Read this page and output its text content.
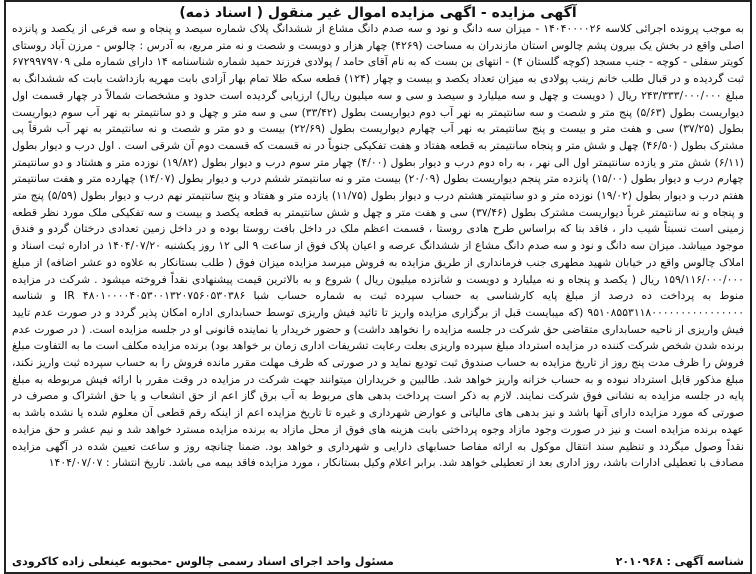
آگهی مزایده - اگهی مزایده اموال غیر منقول ( اسناد ذمه)
به موجب پرونده اجرائی کلاسه ۱۴۰۴۰۰۰۰۲۶ - میزان سه دانگ و نود و سه صدم دانگ مشاع از ششدانگ پلاک شماره سیصد و پنجاه و سه فرعی از یکصد و پانزده اصلی واقع در بخش یک بیرون پشم چالوس استان مازندران به مساحت (۴۲۶۹) چهار هزار و دویست و شصت و نه متر مربع، به آدرس : چالوس - مرزن آباد روستای کویتر سفلی - کوچه - جنب مسجد (کوچه گلستان ۴) - انتهای بن بست که به نام آقای حامد / پولادی فرزند حمید شماره شناسنامه ۱۴ دارای شماره ملی ۶۷۲۹۹۷۹۷۰۹ ثبت گردیده و در قبال طلب خانم زینب پولادی به میزان تعداد یکصد و بیست و چهار (۱۲۴) قطعه سکه طلا تمام بهار آزادی بابت مهریه بازداشت بابت که ششدانگ به مبلغ ۲۴۳/۳۳۳/۰۰۰/۰۰۰ ریال ( دویست و چهل و سه میلیارد و سیصد و سی و سه میلیون ریال) ارزیابی گردیده است حدود و مشخصات شمالاً در چهار قسمت اول دیواریست بطول (۵/۶۳) پنج متر و شصت و سه سانتیمتر به نهر آب دوم دیواریست بطول (۳۳/۴۲) سی و سه متر و چهل و دو سانتیمتر به نهر آب سوم دیواریست بطول (۳۷/۲۵) سی و هفت متر و بیست و پنج سانتیمتر به نهر آب چهارم دیواریست بطول (۲۲/۶۹) بیست و دو متر و شصت و نه سانتیمتر به نهر آب شرقاً پی مشترک بطول (۴۶/۵۰) چهل و شش متر و پنجاه سانتیمتر به قطعه هفتاد و هفت تفکیکی جنوباً در نه قسمت که قسمت دوم آن شرقی است . اول درب و دیوار بطول (۶/۱۱) شش متر و یازده سانتیمتر اول الی نهر ، به راه دوم درب و دیوار بطول (۴/۰۰) چهار متر سوم درب و دیوار بطول (۱۹/۸۲) نوزده متر و هشتاد و دو سانتیمتر چهارم درب و دیوار بطول (۱۵/۰۰) پانزده متر پنجم دیواریست بطول (۲۰/۰۹) بیست متر و نه سانتیمتر ششم درب و دیوار بطول (۱۴/۰۷) چهارده متر و هفت سانتیمتر هفتم درب و دیوار بطول (۱۹/۰۲) نوزده متر و دو سانتیمتر هشتم درب و دیوار بطول (۱۱/۷۵) یازده متر و هفتاد و پنج سانتیمتر نهم درب و دیوار بطول (۵/۵۹) پنج متر و پنجاه و نه سانتیمتر غرباً دیواریست مشترک بطول (۳۷/۴۶) سی و هفت متر و چهل و شش سانتیمتر به قطعه یکصد و بیست و سه تفکیکی ملک مورد نظر قطعه زمینی است نسبتاً شیب دار ، فاقد بنا که براساس طرح هادی روستا ، قسمت اعظم ملک در داخل بافت روستا بوده و در داخل زمین تعدادی درختان گردو و فندق موجود میباشد. میزان سه دانگ و نود و سه صدم دانگ مشاع از ششدانگ عرصه و اعیان پلاک فوق از ساعت ۹ الی ۱۲ روز یکشنبه ۱۴۰۴/۰۷/۲۰ در اداره ثبت اسناد و املاک چالوس واقع در خیابان شهید مطهری جنب فرمانداری از طریق مزایده به فروش میرسد مزایده میزان فوق ( طلب بستانکار به علاوه دو عشر اضافه) از مبلغ ۱۵۹/۱۱۶/۰۰۰/۰۰۰ ریال ( یکصد و پنجاه و نه میلیارد و دویست و شانزده میلیون ریال ) شروع و به بالاترین قیمت پیشنهادی نقداً فروخته میشود . شرکت در مزایده منوط به پرداخت ده درصد از مبلغ پایه کارشناسی به حساب سپرده ثبت به شماره حساب شبا IR ۴۸۰۱۰۰۰۰۴۰۵۳۰۰۱۳۲۰۷۵۶۰۵۳۰۳۸۶ و شناسه ۹۵۱۰۸۵۵۳۱۱۸۰۰۰۰۰۰۰۰۰۰۰۰۰۰۰۰ (که میبایست قبل از برگزاری مزایده واریز تا تائید فیش واریزی توسط حسابداری اداره امکان پذیر گردد و در صورت عدم تایید فیش واریزی از ناحیه حسابداری متقاضی حق شرکت در جلسه مزایده را نخواهد داشت) و حضور خریدار یا نماینده قانونی او در جلسه مزایده است. ( در صورت عدم برنده شدن شخص شرکت کننده در مزایده استرداد مبلغ سپرده واریزی بعلت رعایت تشریفات اداری زمان بر خواهد بود) برنده مزایده مکلف است ما به التفاوت مبلغ فروش را ظرف مدت پنج روز از تاریخ مزایده به حساب صندوق ثبت تودیع نماید و در صورتی که ظرف مهلت مقرر مانده فروش را به حساب سپرده ثبت واریز نکند، مبلغ مذکور قابل استرداد نبوده و به حساب خزانه واریز خواهد شد. طالبین و خریداران میتوانند جهت شرکت در مزایده در وقت مقرر با ارائه فیش مربوطه به مبلغ پایه در جلسه مزایده به نشانی فوق شرکت نمایند. لازم به ذکر است پرداخت بدهی های مربوط به آب برق گاز اعم از حق انشعاب و یا حق اشتراک و مصرف در صورتی که مورد مزایده دارای آنها باشد و نیز بدهی های مالیاتی و عوارض شهرداری و غیره تا تاریخ مزایده اعم از اینکه رقم قطعی آن معلوم شده یا نشده باشد به عهده برنده مزایده است و نیز در صورت وجود مازاد وجوه پرداختی بابت هزینه های فوق از محل مازاد به برنده مزایده مسترد خواهد شد و نیم عشر و حق مزایده نقداً وصول میگردد و تنظیم سند انتقال موکول به ارائه مفاصا حسابهای دارایی و شهرداری و خواهد بود. ضمنا چنانچه روز و ساعت تعیین شده در آگهی مزایده مصادف با تعطیلی ادارات باشد، روز اداری بعد از تعطیلی خواهد شد. برابر اعلام وکیل بستانکار ، مورد مزایده فاقد بیمه می باشد. تاریخ انتشار : ۱۴۰۴/۰۷/۰۷
شناسه آگهی : ۲۰۱۰۹۶۸
مسئول واحد اجرای اسناد رسمی چالوس -محبوبه عینعلی زاده کاکرودی
